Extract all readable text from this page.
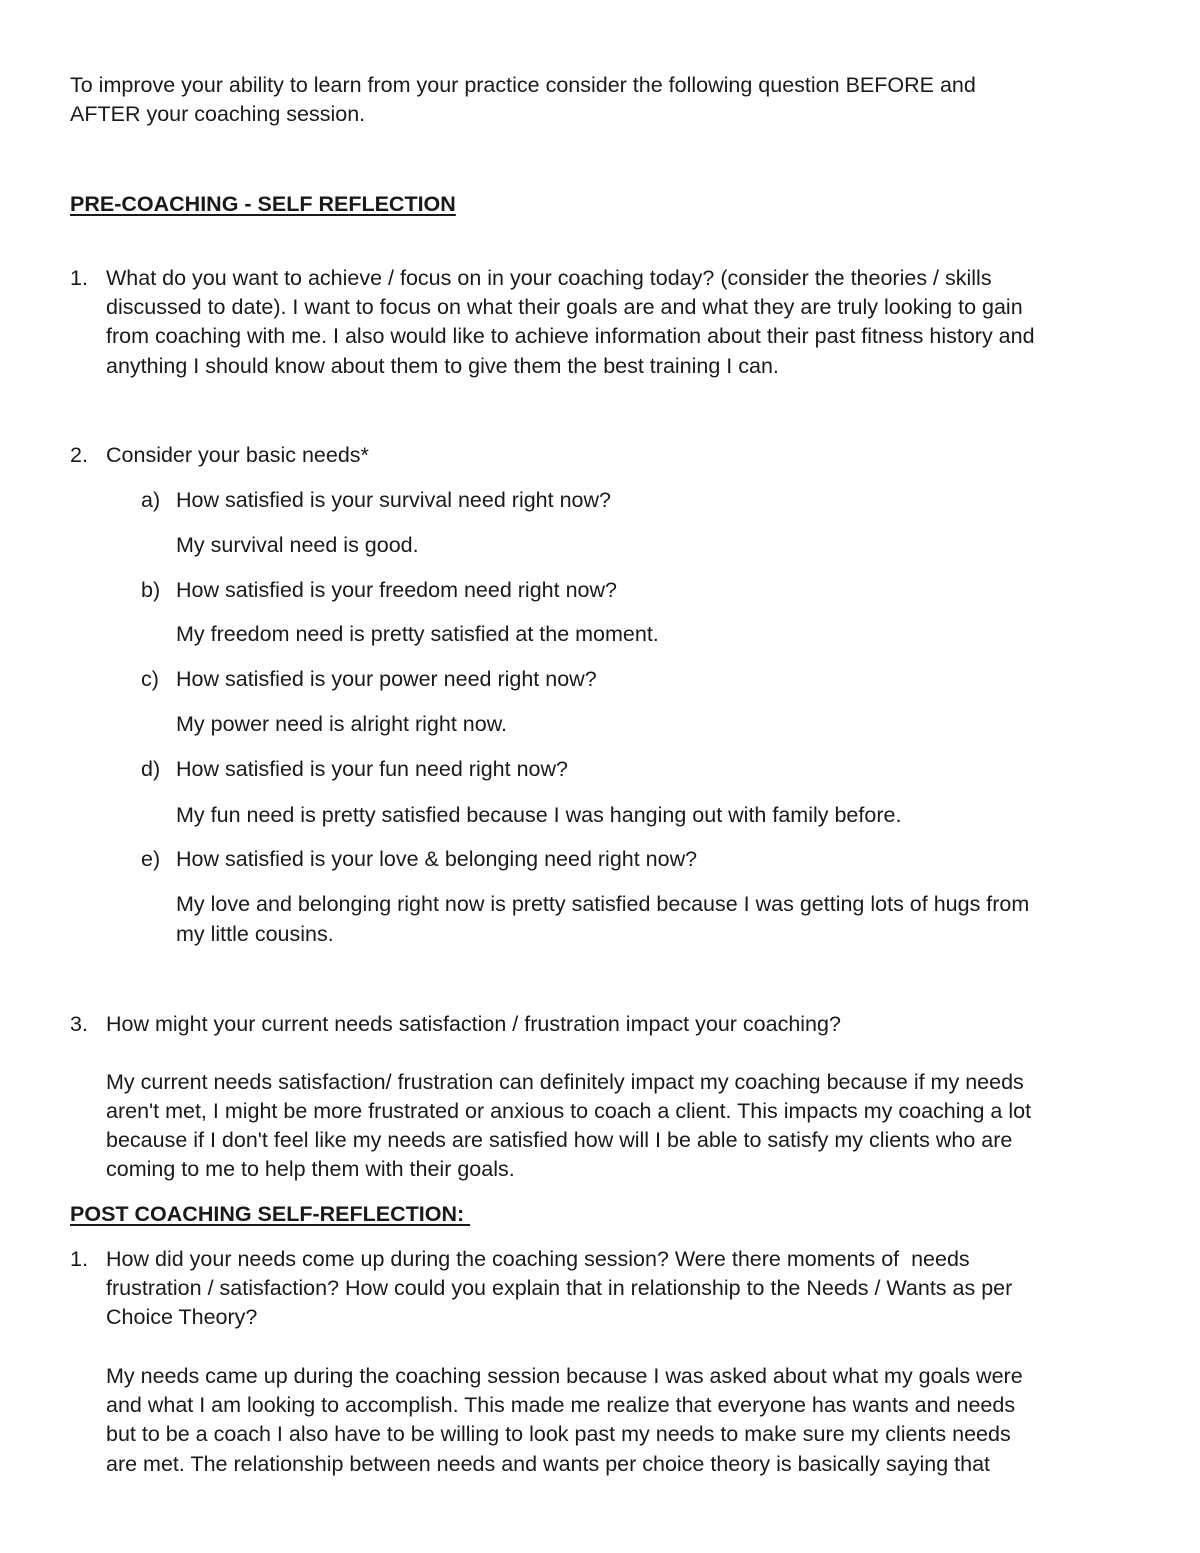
To improve your ability to learn from your practice consider the following question BEFORE and
AFTER your coaching session.
PRE-COACHING - SELF REFLECTION
1. What do you want to achieve / focus on in your coaching today? (consider the theories / skills
discussed to date). I want to focus on what their goals are and what they are truly looking to gain
from coaching with me. I also would like to achieve information about their past fitness history and
anything I should know about them to give them the best training I can.
2. Consider your basic needs*
a) How satisfied is your survival need right now?
My survival need is good.
b) How satisfied is your freedom need right now?
My freedom need is pretty satisfied at the moment.
c) How satisfied is your power need right now?
My power need is alright right now.
d) How satisfied is your fun need right now?
My fun need is pretty satisfied because I was hanging out with family before.
e) How satisfied is your love & belonging need right now?
My love and belonging right now is pretty satisfied because I was getting lots of hugs from
my little cousins.
3. How might your current needs satisfaction / frustration impact your coaching?
My current needs satisfaction/ frustration can definitely impact my coaching because if my needs
aren't met, I might be more frustrated or anxious to coach a client. This impacts my coaching a lot
because if I don't feel like my needs are satisfied how will I be able to satisfy my clients who are
coming to me to help them with their goals.
POST COACHING SELF-REFLECTION:
1. How did your needs come up during the coaching session? Were there moments of  needs
frustration / satisfaction? How could you explain that in relationship to the Needs / Wants as per
Choice Theory?
My needs came up during the coaching session because I was asked about what my goals were
and what I am looking to accomplish. This made me realize that everyone has wants and needs
but to be a coach I also have to be willing to look past my needs to make sure my clients needs
are met. The relationship between needs and wants per choice theory is basically saying that
